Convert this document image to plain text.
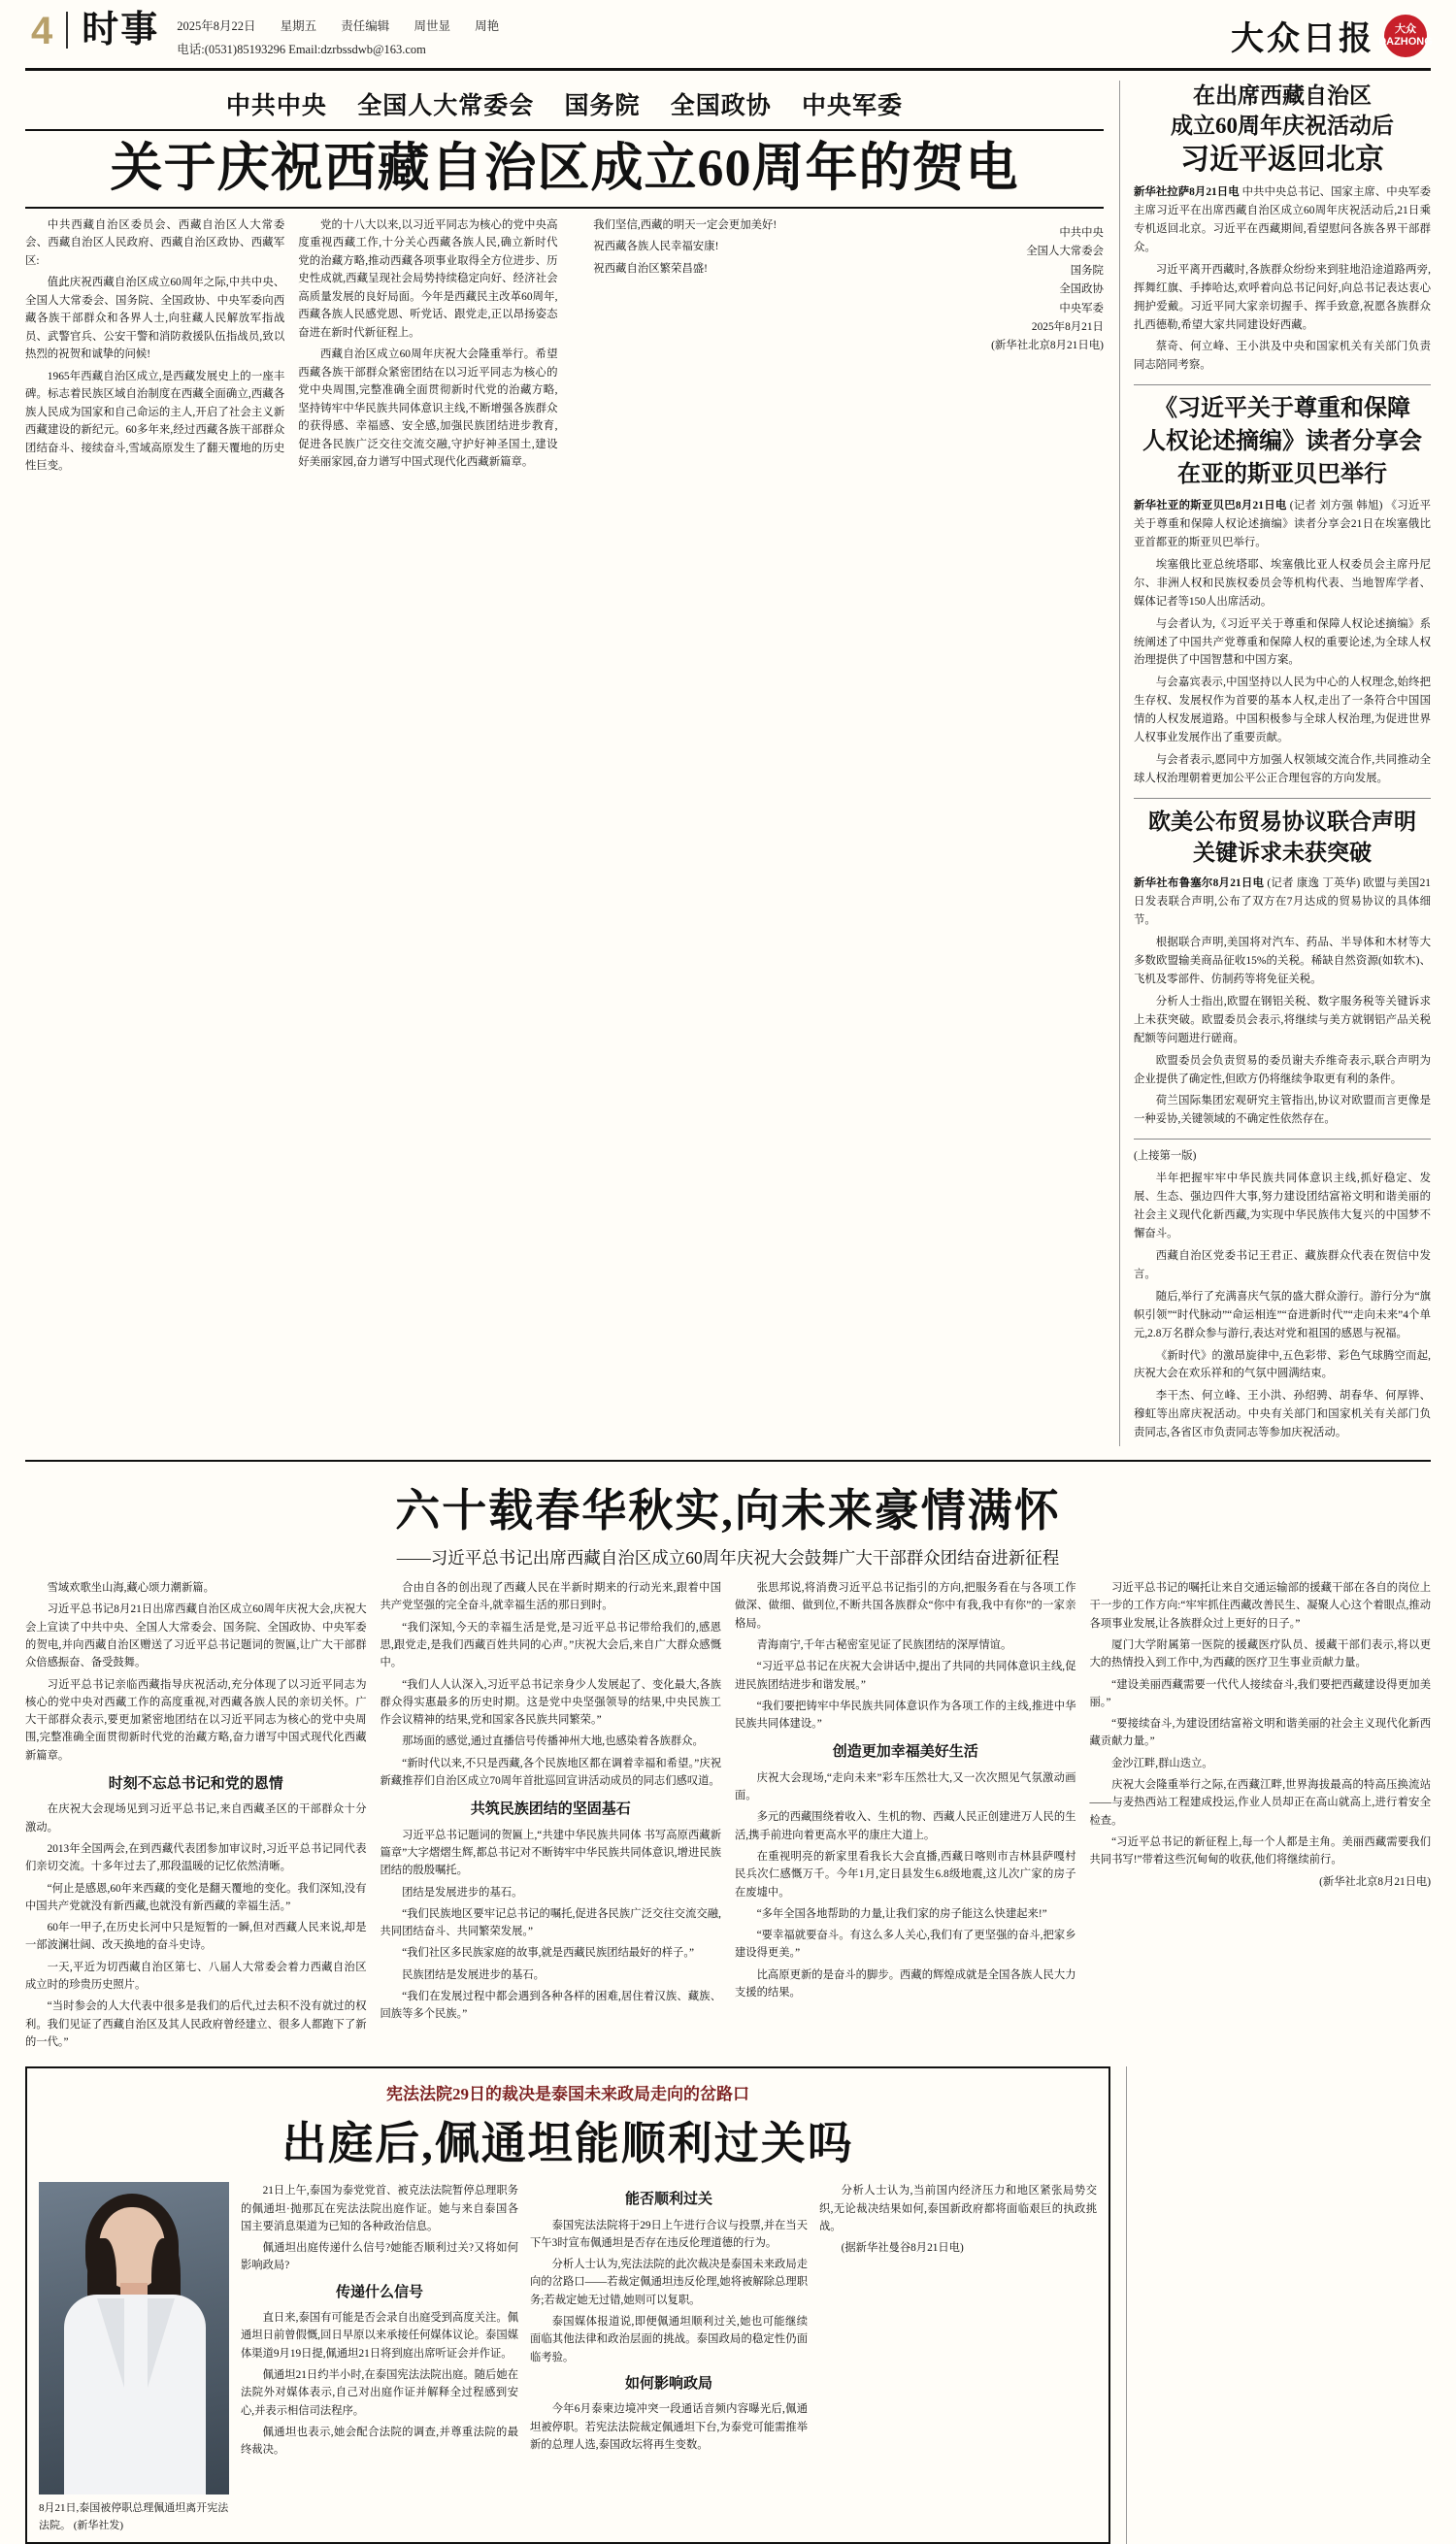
4 时事	2025年8月22日 星期五 责任编辑 周世显 周艳
电话:(0531)85193296 Email:dzrbssdwb@163.com	大众日报 大众
DAZHONG
中共中央 全国人大常委会 国务院 全国政协 中央军委
关于庆祝西藏自治区成立60周年的贺电

中共西藏自治区委员会、西藏自治区人大常委会、西藏自治区人民政府、西藏自治区政协、西藏军区:

值此庆祝西藏自治区成立60周年之际,中共中央、全国人大常委会、国务院、全国政协、中央军委向西藏各族干部群众和各界人士,向驻藏人民解放军指战员、武警官兵、公安干警和消防救援队伍指战员,致以热烈的祝贺和诚挚的问候!

1965年西藏自治区成立,是西藏发展史上的一座丰碑。标志着民族区域自治制度在西藏全面确立,西藏各族人民成为国家和自己命运的主人,开启了社会主义新西藏建设的新纪元。60多年来,经过西藏各族干部群众团结奋斗、接续奋斗,雪域高原发生了翻天覆地的历史性巨变。

党的十八大以来,以习近平同志为核心的党中央高度重视西藏工作,十分关心西藏各族人民,确立新时代党的治藏方略,推动西藏各项事业取得全方位进步、历史性成就,西藏呈现社会局势持续稳定向好、经济社会高质量发展的良好局面。今年是西藏民主改革60周年,西藏各族人民感党恩、听党话、跟党走,正以昂扬姿态奋进在新时代新征程上。

西藏自治区成立60周年庆祝大会隆重举行。希望西藏各族干部群众紧密团结在以习近平同志为核心的党中央周围,完整准确全面贯彻新时代党的治藏方略,坚持铸牢中华民族共同体意识主线,不断增强各族群众的获得感、幸福感、安全感,加强民族团结进步教育,促进各民族广泛交往交流交融,守护好神圣国土,建设好美丽家园,奋力谱写中国式现代化西藏新篇章。

我们坚信,西藏的明天一定会更加美好!

祝西藏各族人民幸福安康!

祝西藏自治区繁荣昌盛!

中共中央
全国人大常委会
国务院
全国政协
中央军委
2025年8月21日
(新华社北京8月21日电)
在出席西藏自治区
成立60周年庆祝活动后
习近平返回北京

新华社拉萨8月21日电 中共中央总书记、国家主席、中央军委主席习近平在出席西藏自治区成立60周年庆祝活动后,21日乘专机返回北京。习近平在西藏期间,看望慰问各族各界干部群众。

习近平离开西藏时,各族群众纷纷来到驻地沿途道路两旁,挥舞红旗、手捧哈达,欢呼着向总书记问好,向总书记表达衷心拥护爱戴。习近平同大家亲切握手、挥手致意,祝愿各族群众扎西德勒,希望大家共同建设好西藏。

蔡奇、何立峰、王小洪及中央和国家机关有关部门负责同志陪同考察。

《习近平关于尊重和保障
人权论述摘编》读者分享会
在亚的斯亚贝巴举行

新华社亚的斯亚贝巴8月21日电 (记者 刘方强 韩旭) 《习近平关于尊重和保障人权论述摘编》读者分享会21日在埃塞俄比亚首都亚的斯亚贝巴举行。

埃塞俄比亚总统塔耶、埃塞俄比亚人权委员会主席丹尼尔、非洲人权和民族权委员会等机构代表、当地智库学者、媒体记者等150人出席活动。

与会者认为,《习近平关于尊重和保障人权论述摘编》系统阐述了中国共产党尊重和保障人权的重要论述,为全球人权治理提供了中国智慧和中国方案。

与会嘉宾表示,中国坚持以人民为中心的人权理念,始终把生存权、发展权作为首要的基本人权,走出了一条符合中国国情的人权发展道路。中国积极参与全球人权治理,为促进世界人权事业发展作出了重要贡献。

与会者表示,愿同中方加强人权领域交流合作,共同推动全球人权治理朝着更加公平公正合理包容的方向发展。

欧美公布贸易协议联合声明
关键诉求未获突破

新华社布鲁塞尔8月21日电 (记者 康逸 丁英华) 欧盟与美国21日发表联合声明,公布了双方在7月达成的贸易协议的具体细节。

根据联合声明,美国将对汽车、药品、半导体和木材等大多数欧盟输美商品征收15%的关税。稀缺自然资源(如软木)、飞机及零部件、仿制药等将免征关税。

分析人士指出,欧盟在钢铝关税、数字服务税等关键诉求上未获突破。欧盟委员会表示,将继续与美方就钢铝产品关税配额等问题进行磋商。

欧盟委员会负责贸易的委员谢夫乔维奇表示,联合声明为企业提供了确定性,但欧方仍将继续争取更有利的条件。

荷兰国际集团宏观研究主管指出,协议对欧盟而言更像是一种妥协,关键领域的不确定性依然存在。

(上接第一版)

半年把握牢牢中华民族共同体意识主线,抓好稳定、发展、生态、强边四件大事,努力建设团结富裕文明和谐美丽的社会主义现代化新西藏,为实现中华民族伟大复兴的中国梦不懈奋斗。

西藏自治区党委书记王君正、藏族群众代表在贺信中发言。

随后,举行了充满喜庆气氛的盛大群众游行。游行分为“旗帜引领”“时代脉动”“命运相连”“奋进新时代”“走向未来”4个单元,2.8万名群众参与游行,表达对党和祖国的感恩与祝福。

《新时代》的激昂旋律中,五色彩带、彩色气球腾空而起,庆祝大会在欢乐祥和的气氛中圆满结束。

李干杰、何立峰、王小洪、孙绍骋、胡春华、何厚铧、穆虹等出席庆祝活动。中央有关部门和国家机关有关部门负责同志,各省区市负责同志等参加庆祝活动。

六十载春华秋实,向未来豪情满怀
——习近平总书记出席西藏自治区成立60周年庆祝大会鼓舞广大干部群众团结奋进新征程

雪域欢歌坐山海,藏心颂力潮新篇。

习近平总书记8月21日出席西藏自治区成立60周年庆祝大会,庆祝大会上宣读了中共中央、全国人大常委会、国务院、全国政协、中央军委的贺电,并向西藏自治区赠送了习近平总书记题词的贺匾,让广大干部群众倍感振奋、备受鼓舞。

习近平总书记亲临西藏指导庆祝活动,充分体现了以习近平同志为核心的党中央对西藏工作的高度重视,对西藏各族人民的亲切关怀。广大干部群众表示,要更加紧密地团结在以习近平同志为核心的党中央周围,完整准确全面贯彻新时代党的治藏方略,奋力谱写中国式现代化西藏新篇章。

时刻不忘总书记和党的恩情

在庆祝大会现场见到习近平总书记,来自西藏圣区的干部群众十分激动。

2013年全国两会,在到西藏代表团参加审议时,习近平总书记同代表们亲切交流。十多年过去了,那段温暖的记忆依然清晰。

“何止是感恩,60年来西藏的变化是翻天覆地的变化。我们深知,没有中国共产党就没有新西藏,也就没有新西藏的幸福生活。”

60年一甲子,在历史长河中只是短暂的一瞬,但对西藏人民来说,却是一部波澜壮阔、改天换地的奋斗史诗。

一天,平近为切西藏自治区第七、八届人大常委会着力西藏自治区成立时的珍贵历史照片。

“当时参会的人大代表中很多是我们的后代,过去积不没有就过的权利。我们见证了西藏自治区及其人民政府曾经建立、很多人都跑下了新的一代。”

合由自各的创出现了西藏人民在半新时期来的行动光来,跟着中国共产党坚强的完全奋斗,就幸福生活的那日到时。

“我们深知,今天的幸福生活是党,是习近平总书记带给我们的,感恩思,跟党走,是我们西藏百姓共同的心声。”庆祝大会后,来自广大群众感慨中。

“我们人人认深入,习近平总书记亲身少人发展起了、变化最大,各族群众得实惠最多的历史时期。这是党中央坚强领导的结果,中央民族工作会议精神的结果,党和国家各民族共同繁荣。”

那场面的感觉,通过直播信号传播神州大地,也感染着各族群众。

“新时代以来,不只是西藏,各个民族地区都在调着幸福和希望。”庆祝新藏推荐们自治区成立70周年首批巡回宣讲活动成员的同志们感叹道。

共筑民族团结的坚固基石

习近平总书记题词的贺匾上,“共建中华民族共同体 书写高原西藏新篇章”大字熠熠生辉,都总书记对不断铸牢中华民族共同体意识,增进民族团结的殷殷嘱托。

团结是发展进步的基石。

“我们民族地区要牢记总书记的嘱托,促进各民族广泛交往交流交融,共同团结奋斗、共同繁荣发展。”

“我们社区多民族家庭的故事,就是西藏民族团结最好的样子。”

民族团结是发展进步的基石。

“我们在发展过程中都会遇到各种各样的困难,居住着汉族、藏族、回族等多个民族。”

张思邦说,将消费习近平总书记指引的方向,把服务看在与各项工作做深、做细、做到位,不断共国各族群众“你中有我,我中有你”的一家亲格局。

青海南宁,千年古秘密室见证了民族团结的深厚情谊。

“习近平总书记在庆祝大会讲话中,提出了共同的共同体意识主线,促进民族团结进步和谐发展。”

“我们要把铸牢中华民族共同体意识作为各项工作的主线,推进中华民族共同体建设。”

创造更加幸福美好生活

庆祝大会现场,“走向未来”彩车压然壮大,又一次次照见气氛激动画面。

多元的西藏围绕着收入、生机的物、西藏人民正创建进万人民的生活,携手前进向着更高水平的康庄大道上。

在重视明亮的新家里看我长大会直播,西藏日喀则市吉林县萨嘎村民兵次仁感慨万千。今年1月,定日县发生6.8级地震,这儿次广家的房子在废墟中。

“多年全国各地帮助的力量,让我们家的房子能这么快建起来!”

“要幸福就要奋斗。有这么多人关心,我们有了更坚强的奋斗,把家乡建设得更美。”

比高原更新的是奋斗的脚步。西藏的辉煌成就是全国各族人民大力支援的结果。

习近平总书记的嘱托让来自交通运输部的援藏干部在各自的岗位上干一步的工作方向:“牢牢抓住西藏改善民生、凝聚人心这个着眼点,推动各项事业发展,让各族群众过上更好的日子。”

厦门大学附属第一医院的援藏医疗队员、援藏干部们表示,将以更大的热情投入到工作中,为西藏的医疗卫生事业贡献力量。

“建设美丽西藏需要一代代人接续奋斗,我们要把西藏建设得更加美丽。”

“要接续奋斗,为建设团结富裕文明和谐美丽的社会主义现代化新西藏贡献力量。”

金沙江畔,群山迭立。

庆祝大会隆重举行之际,在西藏江畔,世界海拔最高的特高压换流站——与麦热西站工程建成投运,作业人员却正在高山就高上,进行着安全检查。

“习近平总书记的新征程上,每一个人都是主角。美丽西藏需要我们共同书写!”带着这些沉甸甸的收获,他们将继续前行。

(新华社北京8月21日电)

宪法法院29日的裁决是泰国未来政局走向的岔路口
出庭后,佩通坦能顺利过关吗
8月21日,泰国被停职总理佩通坦离开宪法法院。 (新华社发)

21日上午,泰国为泰党党首、被克法法院暂停总理职务的佩通坦·抛那瓦在宪法法院出庭作证。她与来自泰国各国主要消息渠道为已知的各种政治信息。

佩通坦出庭传递什么信号?她能否顺利过关?又将如何影响政局?

传递什么信号

直日来,泰国有可能是否会录自出庭受到高度关注。佩通坦日前曾假慨,回日早原以来承接任何媒体议论。泰国媒体渠道9月19日提,佩通坦21日将到庭出席听证会并作证。

佩通坦21日约半小时,在泰国宪法法院出庭。随后她在法院外对媒体表示,自己对出庭作证并解释全过程感到安心,并表示相信司法程序。

佩通坦也表示,她会配合法院的调查,并尊重法院的最终裁决。

能否顺利过关

泰国宪法法院将于29日上午进行合议与投票,并在当天下午3时宣布佩通坦是否存在违反伦理道德的行为。

分析人士认为,宪法法院的此次裁决是泰国未来政局走向的岔路口——若裁定佩通坦违反伦理,她将被解除总理职务;若裁定她无过错,她则可以复职。

泰国媒体报道说,即便佩通坦顺利过关,她也可能继续面临其他法律和政治层面的挑战。泰国政局的稳定性仍面临考验。

如何影响政局

今年6月泰柬边境冲突一段通话音频内容曝光后,佩通坦被停职。若宪法法院裁定佩通坦下台,为泰党可能需推举新的总理人选,泰国政坛将再生变数。

分析人士认为,当前国内经济压力和地区紧张局势交织,无论裁决结果如何,泰国新政府都将面临艰巨的执政挑战。

(据新华社曼谷8月21日电)
